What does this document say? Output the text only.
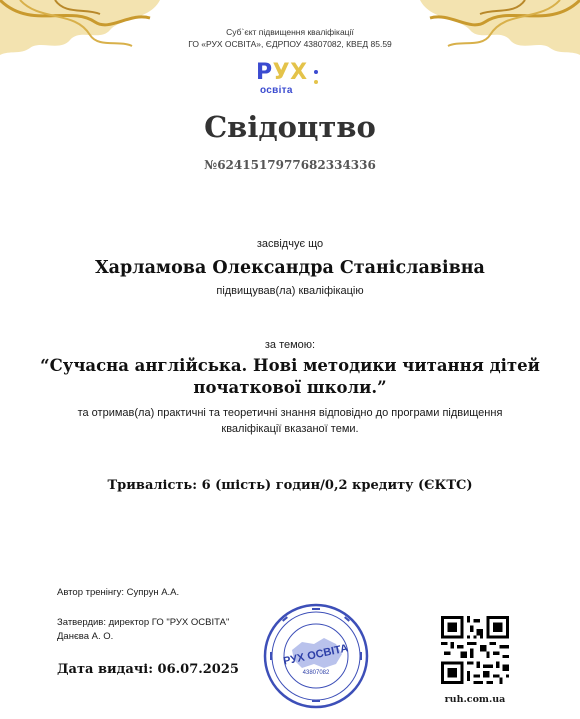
Суб`єкт підвищення кваліфікації
ГО «РУХ ОСВІТА», ЄДРПОУ 43807082, КВЕД 85.59
РУХ
освіта
Свідоцтво
№6241517977682334336
засвідчує що
Харламова Олександра Станіславівна
підвищував(ла) кваліфікацію
за темою:
“Сучасна англійська. Нові методики читання дітей початкової школи.”
та отримав(ла) практичні та теоретичні знання відповідно до програми підвищення кваліфікації вказаної теми.
Тривалість: 6 (шість) годин/0,2 кредиту (ЄКТС)
Автор тренінгу: Супрун А.А.
Затвердив: директор ГО "РУХ ОСВІТА"
Данєва А. О.
Дата видачі: 06.07.2025
РУХ ОСВІТА
43807082
ruh.com.ua
